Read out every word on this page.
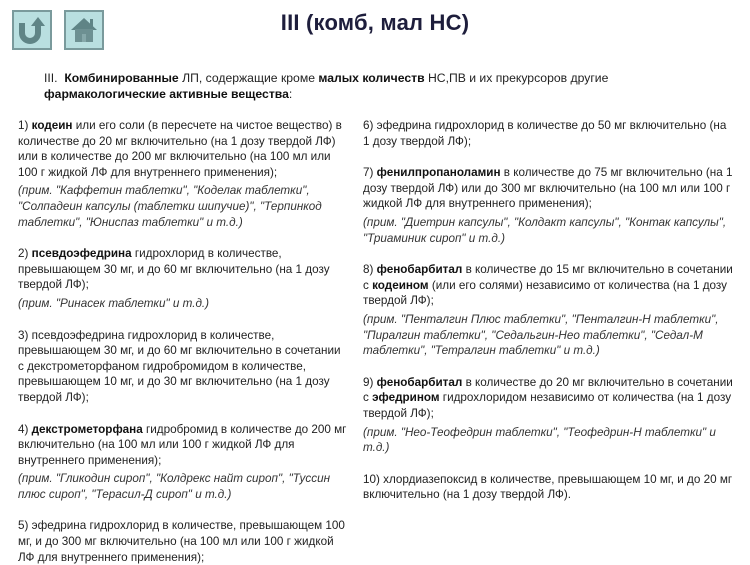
III (комб, мал НС)
III. Комбинированные ЛП, содержащие кроме малых количеств НС,ПВ и их прекурсоров другие фармакологические активные вещества:
1) кодеин или его соли (в пересчете на чистое вещество) в количестве до 20 мг включительно (на 1 дозу твердой ЛФ) или в количестве до 200 мг включительно (на 100 мл или 100 г жидкой ЛФ для внутреннего применения);
(прим. "Каффетин таблетки", "Коделак таблетки", "Солпадеин капсулы (таблетки шипучие)", "Терпинкод таблетки", "Юниспаз таблетки" и т.д.)
2) псевдоэфедрина гидрохлорид в количестве, превышающем 30 мг, и до 60 мг включительно (на 1 дозу твердой ЛФ);
(прим. "Ринасек таблетки" и т.д.)
3) псевдоэфедрина гидрохлорид в количестве, превышающем 30 мг, и до 60 мг включительно в сочетании с декстрометорфаном гидробромидом в количестве, превышающем 10 мг, и до 30 мг включительно (на 1 дозу твердой ЛФ);
4) декстрометорфана гидробромид в количестве до 200 мг включительно (на 100 мл или 100 г жидкой ЛФ для внутреннего применения);
(прим. "Гликодин сироп", "Колдрекс найт сироп", "Туссин плюс сироп", "Терасил-Д сироп" и т.д.)
5) эфедрина гидрохлорид в количестве, превышающем 100 мг, и до 300 мг включительно (на 100 мл или 100 г жидкой ЛФ для внутреннего применения);
6) эфедрина гидрохлорид в количестве до 50 мг включительно (на 1 дозу твердой ЛФ);
7) фенилпропаноламин в количестве до 75 мг включительно (на 1 дозу твердой ЛФ) или до 300 мг включительно (на 100 мл или 100 г жидкой ЛФ для внутреннего применения);
(прим. "Диетрин капсулы", "Колдакт капсулы", "Контак капсулы", "Триаминик сироп" и т.д.)
8) фенобарбитал в количестве до 15 мг включительно в сочетании с кодеином (или его солями) независимо от количества (на 1 дозу твердой ЛФ);
(прим. "Пенталгин Плюс таблетки", "Пенталгин-Н таблетки", "Пиралгин таблетки", "Седальгин-Нео таблетки", "Седал-М таблетки", "Тетралгин таблетки" и т.д.)
9) фенобарбитал в количестве до 20 мг включительно в сочетании с эфедрином гидрохлоридом независимо от количества (на 1 дозу твердой ЛФ);
(прим. "Нео-Теофедрин таблетки", "Теофедрин-Н таблетки" и т.д.)
10) хлордиазепоксид в количестве, превышающем 10 мг, и до 20 мг включительно (на 1 дозу твердой ЛФ).
